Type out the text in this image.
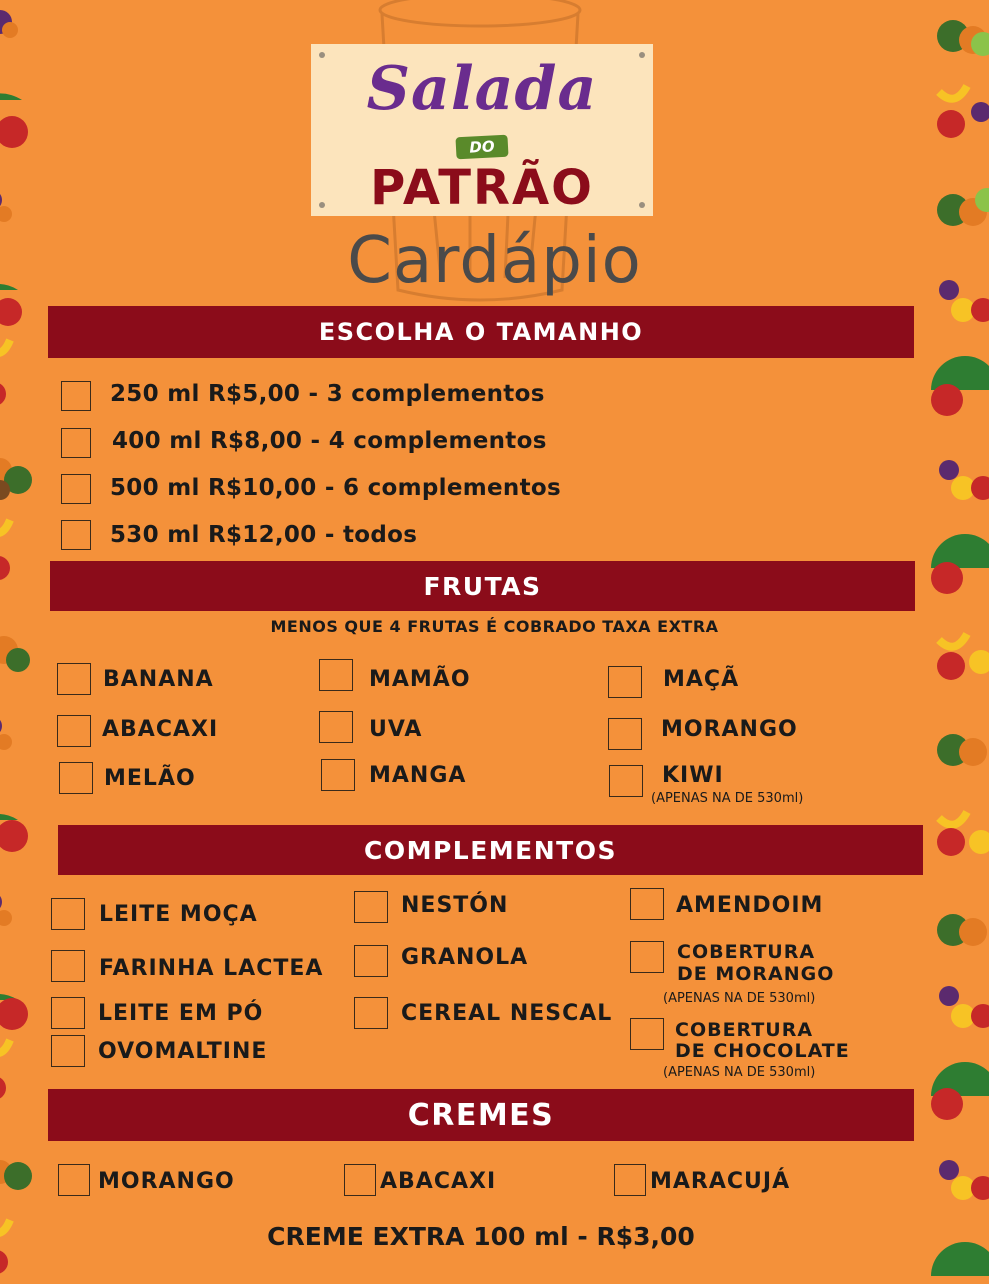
Salada
DO
PATRÃO
Cardápio
ESCOLHA O TAMANHO
250 ml R$5,00 - 3 complementos
400 ml R$8,00 - 4 complementos
500 ml R$10,00 - 6 complementos
530 ml R$12,00 - todos
FRUTAS
MENOS QUE 4 FRUTAS É COBRADO TAXA EXTRA
BANANA	MAMÃO	MAÇÃ
ABACAXI	UVA	MORANGO
MELÃO	MANGA	KIWI
(APENAS NA DE 530ml)
COMPLEMENTOS
LEITE MOÇA	NESTÓN	AMENDOIM
FARINHA LACTEA	GRANOLA	COBERTURA
DE MORANGO
(APENAS NA DE 530ml)
LEITE EM PÓ	CEREAL NESCAL
OVOMALTINE
COBERTURA
DE CHOCOLATE
(APENAS NA DE 530ml)
CREMES
MORANGO	ABACAXI	MARACUJÁ
CREME EXTRA 100 ml - R$3,00
